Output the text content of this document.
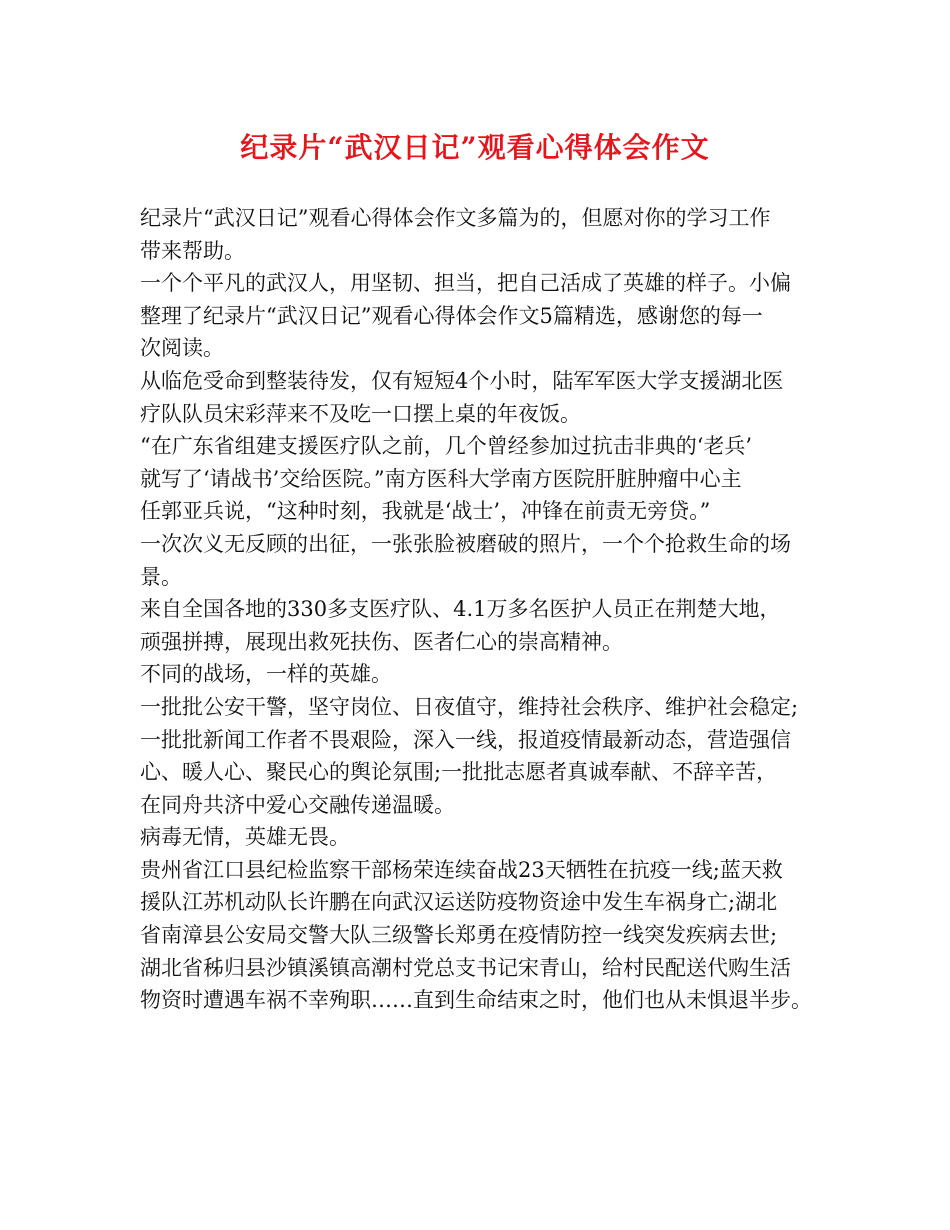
纪录片“武汉日记”观看心得体会作文
纪录片“武汉日记”观看心得体会作文多篇为的，但愿对你的学习工作
带来帮助。
一个个平凡的武汉人，用坚韧、担当，把自己活成了英雄的样子。小偏
整理了纪录片“武汉日记”观看心得体会作文5篇精选，感谢您的每一
次阅读。
从临危受命到整装待发，仅有短短4个小时，陆军军医大学支援湖北医
疗队队员宋彩萍来不及吃一口摆上桌的年夜饭。
“在广东省组建支援医疗队之前，几个曾经参加过抗击非典的‘老兵’
就写了‘请战书’交给医院。”南方医科大学南方医院肝脏肿瘤中心主
任郭亚兵说，“这种时刻，我就是‘战士’，冲锋在前责无旁贷。”
一次次义无反顾的出征，一张张脸被磨破的照片，一个个抢救生命的场
景。
来自全国各地的330多支医疗队、4.1万多名医护人员正在荆楚大地，
顽强拼搏，展现出救死扶伤、医者仁心的崇高精神。
不同的战场，一样的英雄。
一批批公安干警，坚守岗位、日夜值守，维持社会秩序、维护社会稳定;
一批批新闻工作者不畏艰险，深入一线，报道疫情最新动态，营造强信
心、暖人心、聚民心的舆论氛围;一批批志愿者真诚奉献、不辞辛苦，
在同舟共济中爱心交融传递温暖。
病毒无情，英雄无畏。
贵州省江口县纪检监察干部杨荣连续奋战23天牺牲在抗疫一线;蓝天救
援队江苏机动队长许鹏在向武汉运送防疫物资途中发生车祸身亡;湖北
省南漳县公安局交警大队三级警长郑勇在疫情防控一线突发疾病去世;
湖北省秭归县沙镇溪镇高潮村党总支书记宋青山，给村民配送代购生活
物资时遭遇车祸不幸殉职……直到生命结束之时，他们也从未惧退半步。
